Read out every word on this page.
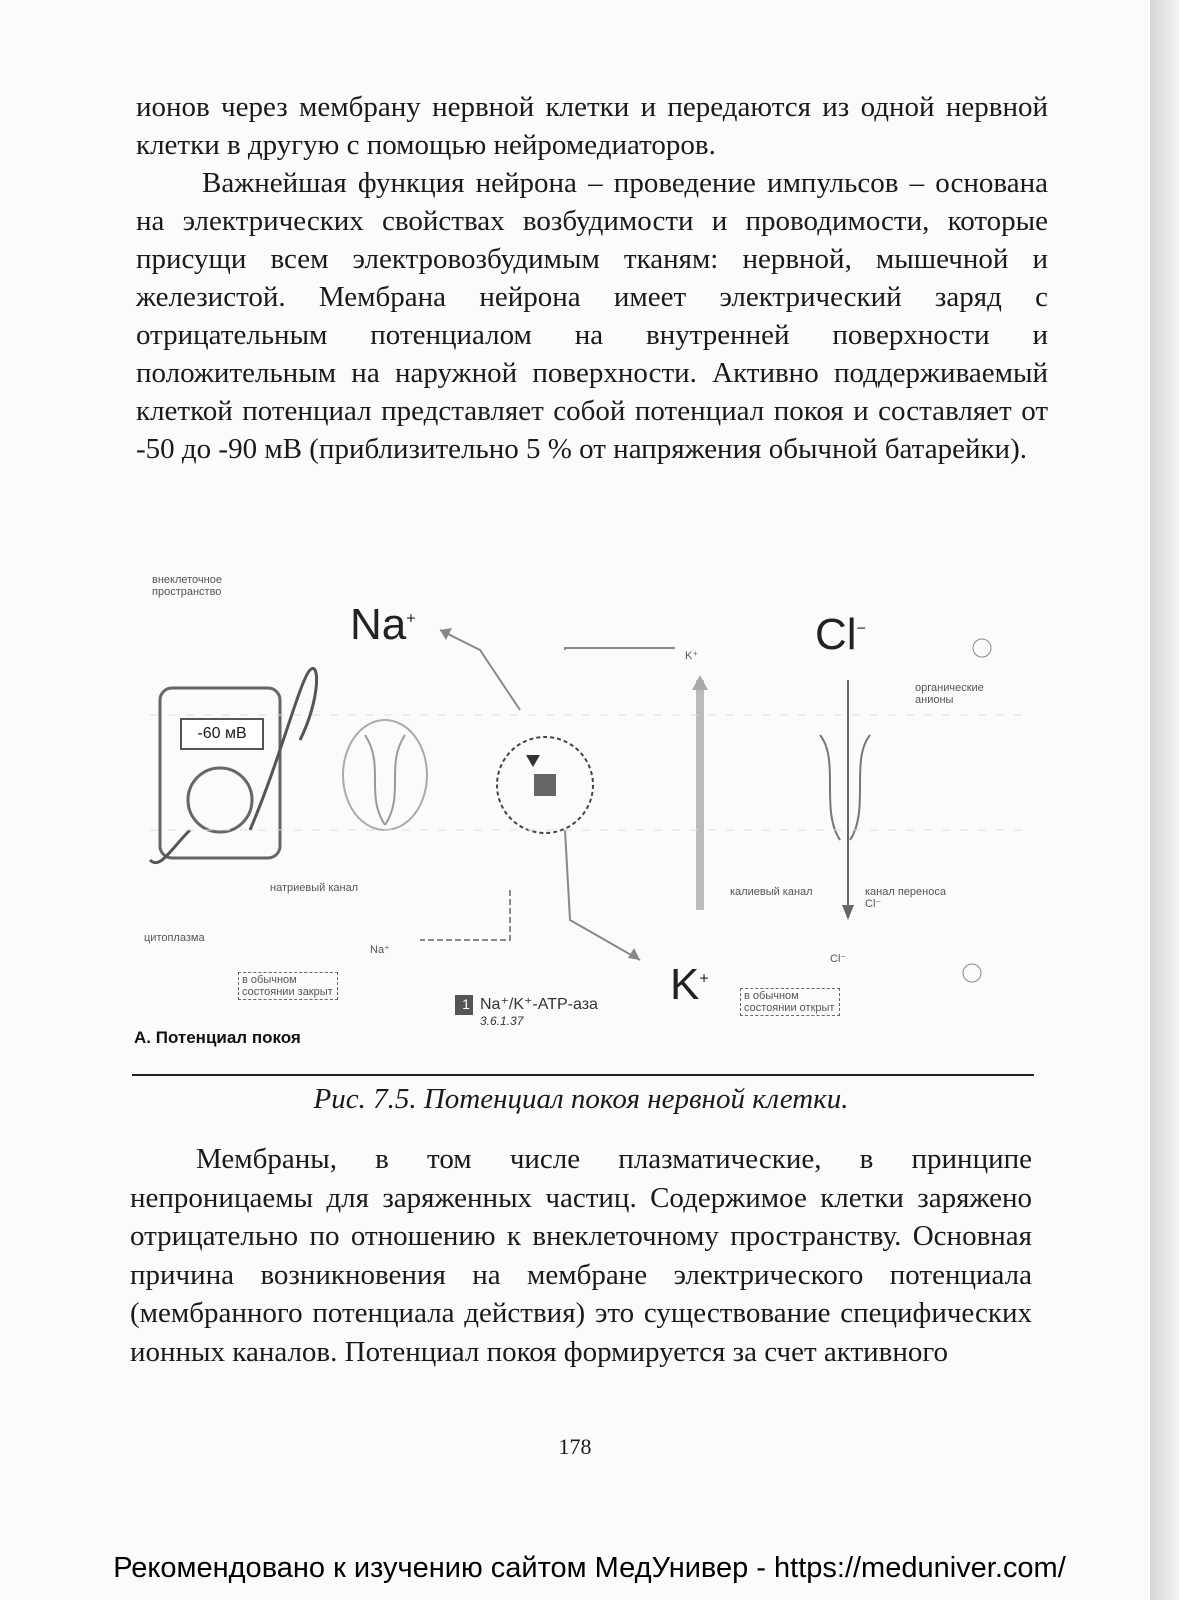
ионов через мембрану нервной клетки и передаются из одной нервной клетки в другую с помощью нейромедиаторов.

Важнейшая функция нейрона – проведение импульсов – основана на электрических свойствах возбудимости и проводимости, которые присущи всем электровозбудимым тканям: нервной, мышечной и железистой. Мембрана нейрона имеет электрический заряд с отрицательным потенциалом на внутренней поверхности и положительным на наружной поверхности. Активно поддерживаемый клеткой потенциал представляет собой потенциал покоя и составляет от -50 до -90 мВ (приблизительно 5 % от напряжения обычной батарейки).

внеклеточное пространство
Na+	Cl−
K+
K⁺
Na⁺
Cl⁻
органические анионы
натриевый канал
цитоплазма
калиевый канал	канал переноса Cl⁻
в обычном состоянии закрыт	в обычном состоянии открыт
1 Na⁺/K⁺-АТР-аза
3.6.1.37
А. Потенциал покоя
-60 мВ
Рис. 7.5. Потенциал покоя нервной клетки.

Мембраны, в том числе плазматические, в принципе непроницаемы для заряженных частиц. Содержимое клетки заряжено отрицательно по отношению к внеклеточному пространству. Основная причина возникновения на мембране электрического потенциала (мембранного потенциала действия) это существование специфических ионных каналов. Потенциал покоя формируется за счет активного

178
Рекомендовано к изучению сайтом МедУнивер - https://meduniver.com/
